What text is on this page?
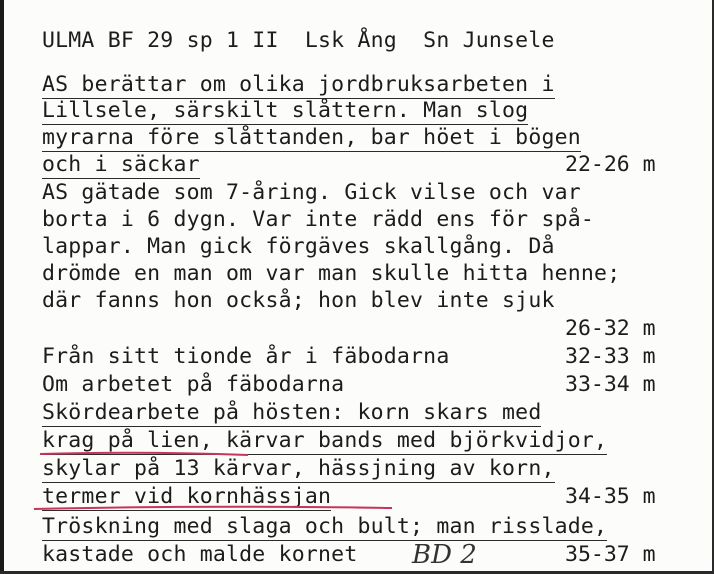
ULMA BF 29 sp 1 II  Lsk Ång  Sn Junsele
AS berättar om olika jordbruksarbeten i
Lillsele, särskilt slåttern. Man slog
myrarna före slåttanden, bar höet i bögen
och i säckar	22-26 m
AS gätade som 7-åring. Gick vilse och var
borta i 6 dygn. Var inte rädd ens för spå-
lappar. Man gick förgäves skallgång. Då
drömde en man om var man skulle hitta henne;
där fanns hon också; hon blev inte sjuk
26-32 m
Från sitt tionde år i fäbodarna	32-33 m
Om arbetet på fäbodarna	33-34 m
Skördearbete på hösten: korn skars med
krag på lien, kärvar bands med björkvidjor,
skylar på 13 kärvar, hässjning av korn,
termer vid kornhässjan	34-35 m
Tröskning med slaga och bult; man risslade,
kastade och malde kornet	35-37 m
BD 2
